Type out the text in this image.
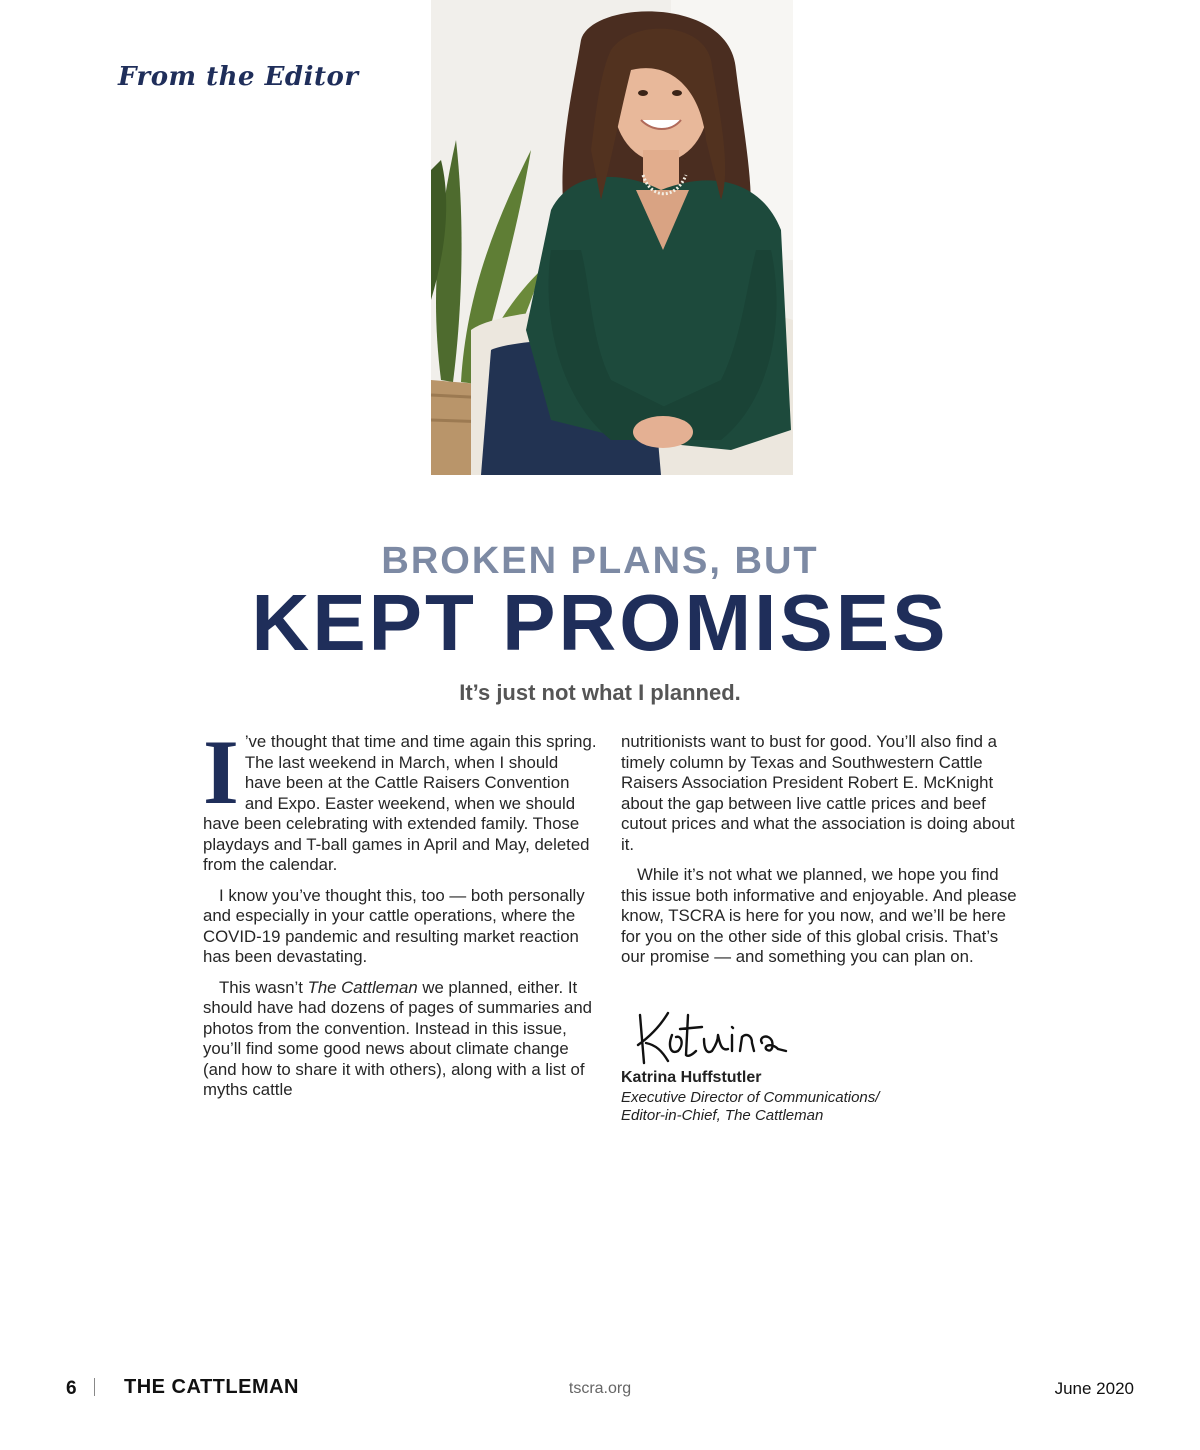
From the Editor
BROKEN PLANS, BUT
KEPT PROMISES
It’s just not what I planned.

I ’ve thought that time and time again this spring. The last weekend in March, when I should have been at the Cattle Raisers Convention and Expo. Easter weekend, when we should have been celebrating with extended family. Those playdays and T-ball games in April and May, deleted from the calendar.

I know you’ve thought this, too — both personally and especially in your cattle operations, where the COVID-19 pandemic and resulting market reaction has been devastating.

This wasn’t The Cattleman we planned, either. It should have had dozens of pages of summaries and photos from the convention. Instead in this issue, you’ll find some good news about climate change (and how to share it with others), along with a list of myths cattle

nutritionists want to bust for good. You’ll also find a timely column by Texas and Southwestern Cattle Raisers Association President Robert E. McKnight about the gap between live cattle prices and beef cutout prices and what the association is doing about it.

While it’s not what we planned, we hope you find this issue both informative and enjoyable. And please know, TSCRA is here for you now, and we’ll be here for you on the other side of this global crisis. That’s our promise — and something you can plan on.

Katrina Huffstutler
Executive Director of Communications/
Editor-in-Chief, The Cattleman
6 THE CATTLEMAN	tscra.org	June 2020
